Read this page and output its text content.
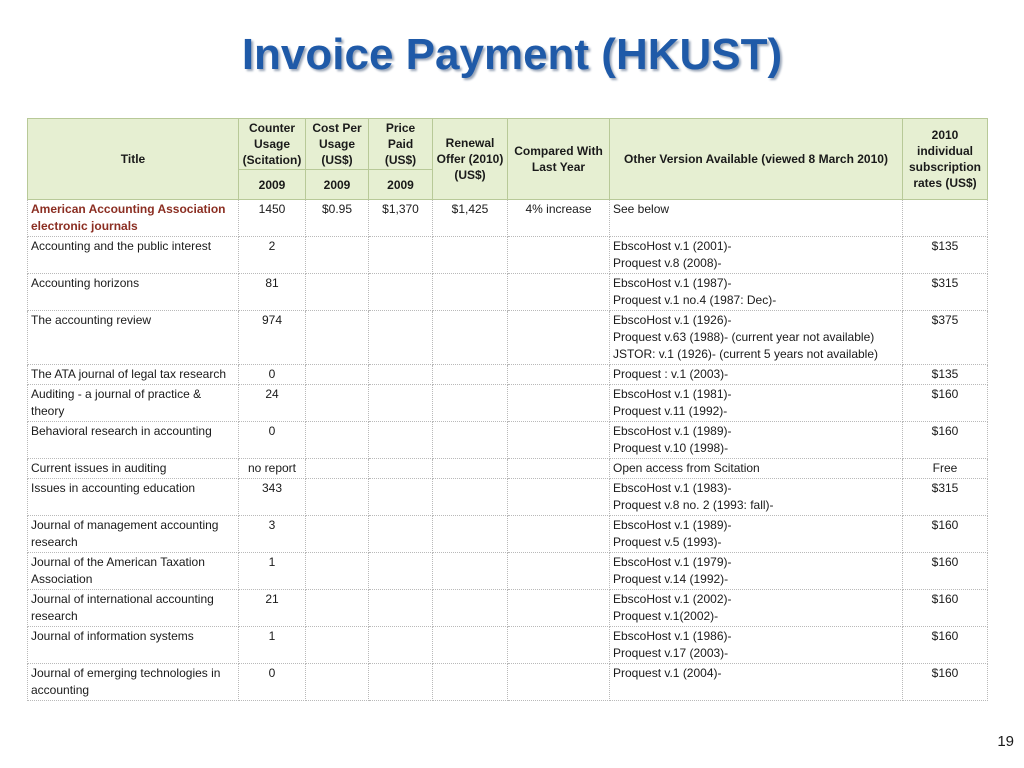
Invoice Payment (HKUST)
Title	Counter Usage (Scitation)	Cost Per Usage (US$)	Price Paid (US$)	Renewal Offer (2010) (US$)	Compared With Last Year	Other Version Available (viewed 8 March 2010)	2010 individual subscription rates (US$)
	2009	2009	2009				
American Accounting Association electronic journals	1450	$0.95	$1,370	$1,425	4% increase	See below	

Accounting and the public interest	2					EbscoHost v.1 (2001)-
Proquest v.8 (2008)-	$135
Accounting horizons	81					EbscoHost v.1 (1987)-
Proquest v.1 no.4 (1987: Dec)-	$315
The accounting review	974					EbscoHost v.1 (1926)-
Proquest v.63 (1988)- (current year not available)
JSTOR: v.1 (1926)- (current 5 years not available)	$375
The ATA journal of legal tax research	0					Proquest : v.1 (2003)-	$135
Auditing - a journal of practice & theory	24					EbscoHost v.1 (1981)-
Proquest v.11 (1992)-	$160
Behavioral research in accounting	0					EbscoHost v.1 (1989)-
Proquest v.10 (1998)-	$160
Current issues in auditing	no report					Open access from Scitation	Free
Issues in accounting education	343					EbscoHost v.1 (1983)-
Proquest v.8 no. 2 (1993: fall)-	$315
Journal of management accounting research	3					EbscoHost v.1 (1989)-
Proquest v.5 (1993)-	$160
Journal of the American Taxation Association	1					EbscoHost v.1 (1979)-
Proquest v.14 (1992)-	$160
Journal of international accounting research	21					EbscoHost v.1 (2002)-
Proquest v.1(2002)-	$160
Journal of information systems	1					EbscoHost v.1 (1986)-
Proquest v.17 (2003)-	$160
Journal of emerging technologies in accounting	0					Proquest v.1 (2004)-	$160
19
